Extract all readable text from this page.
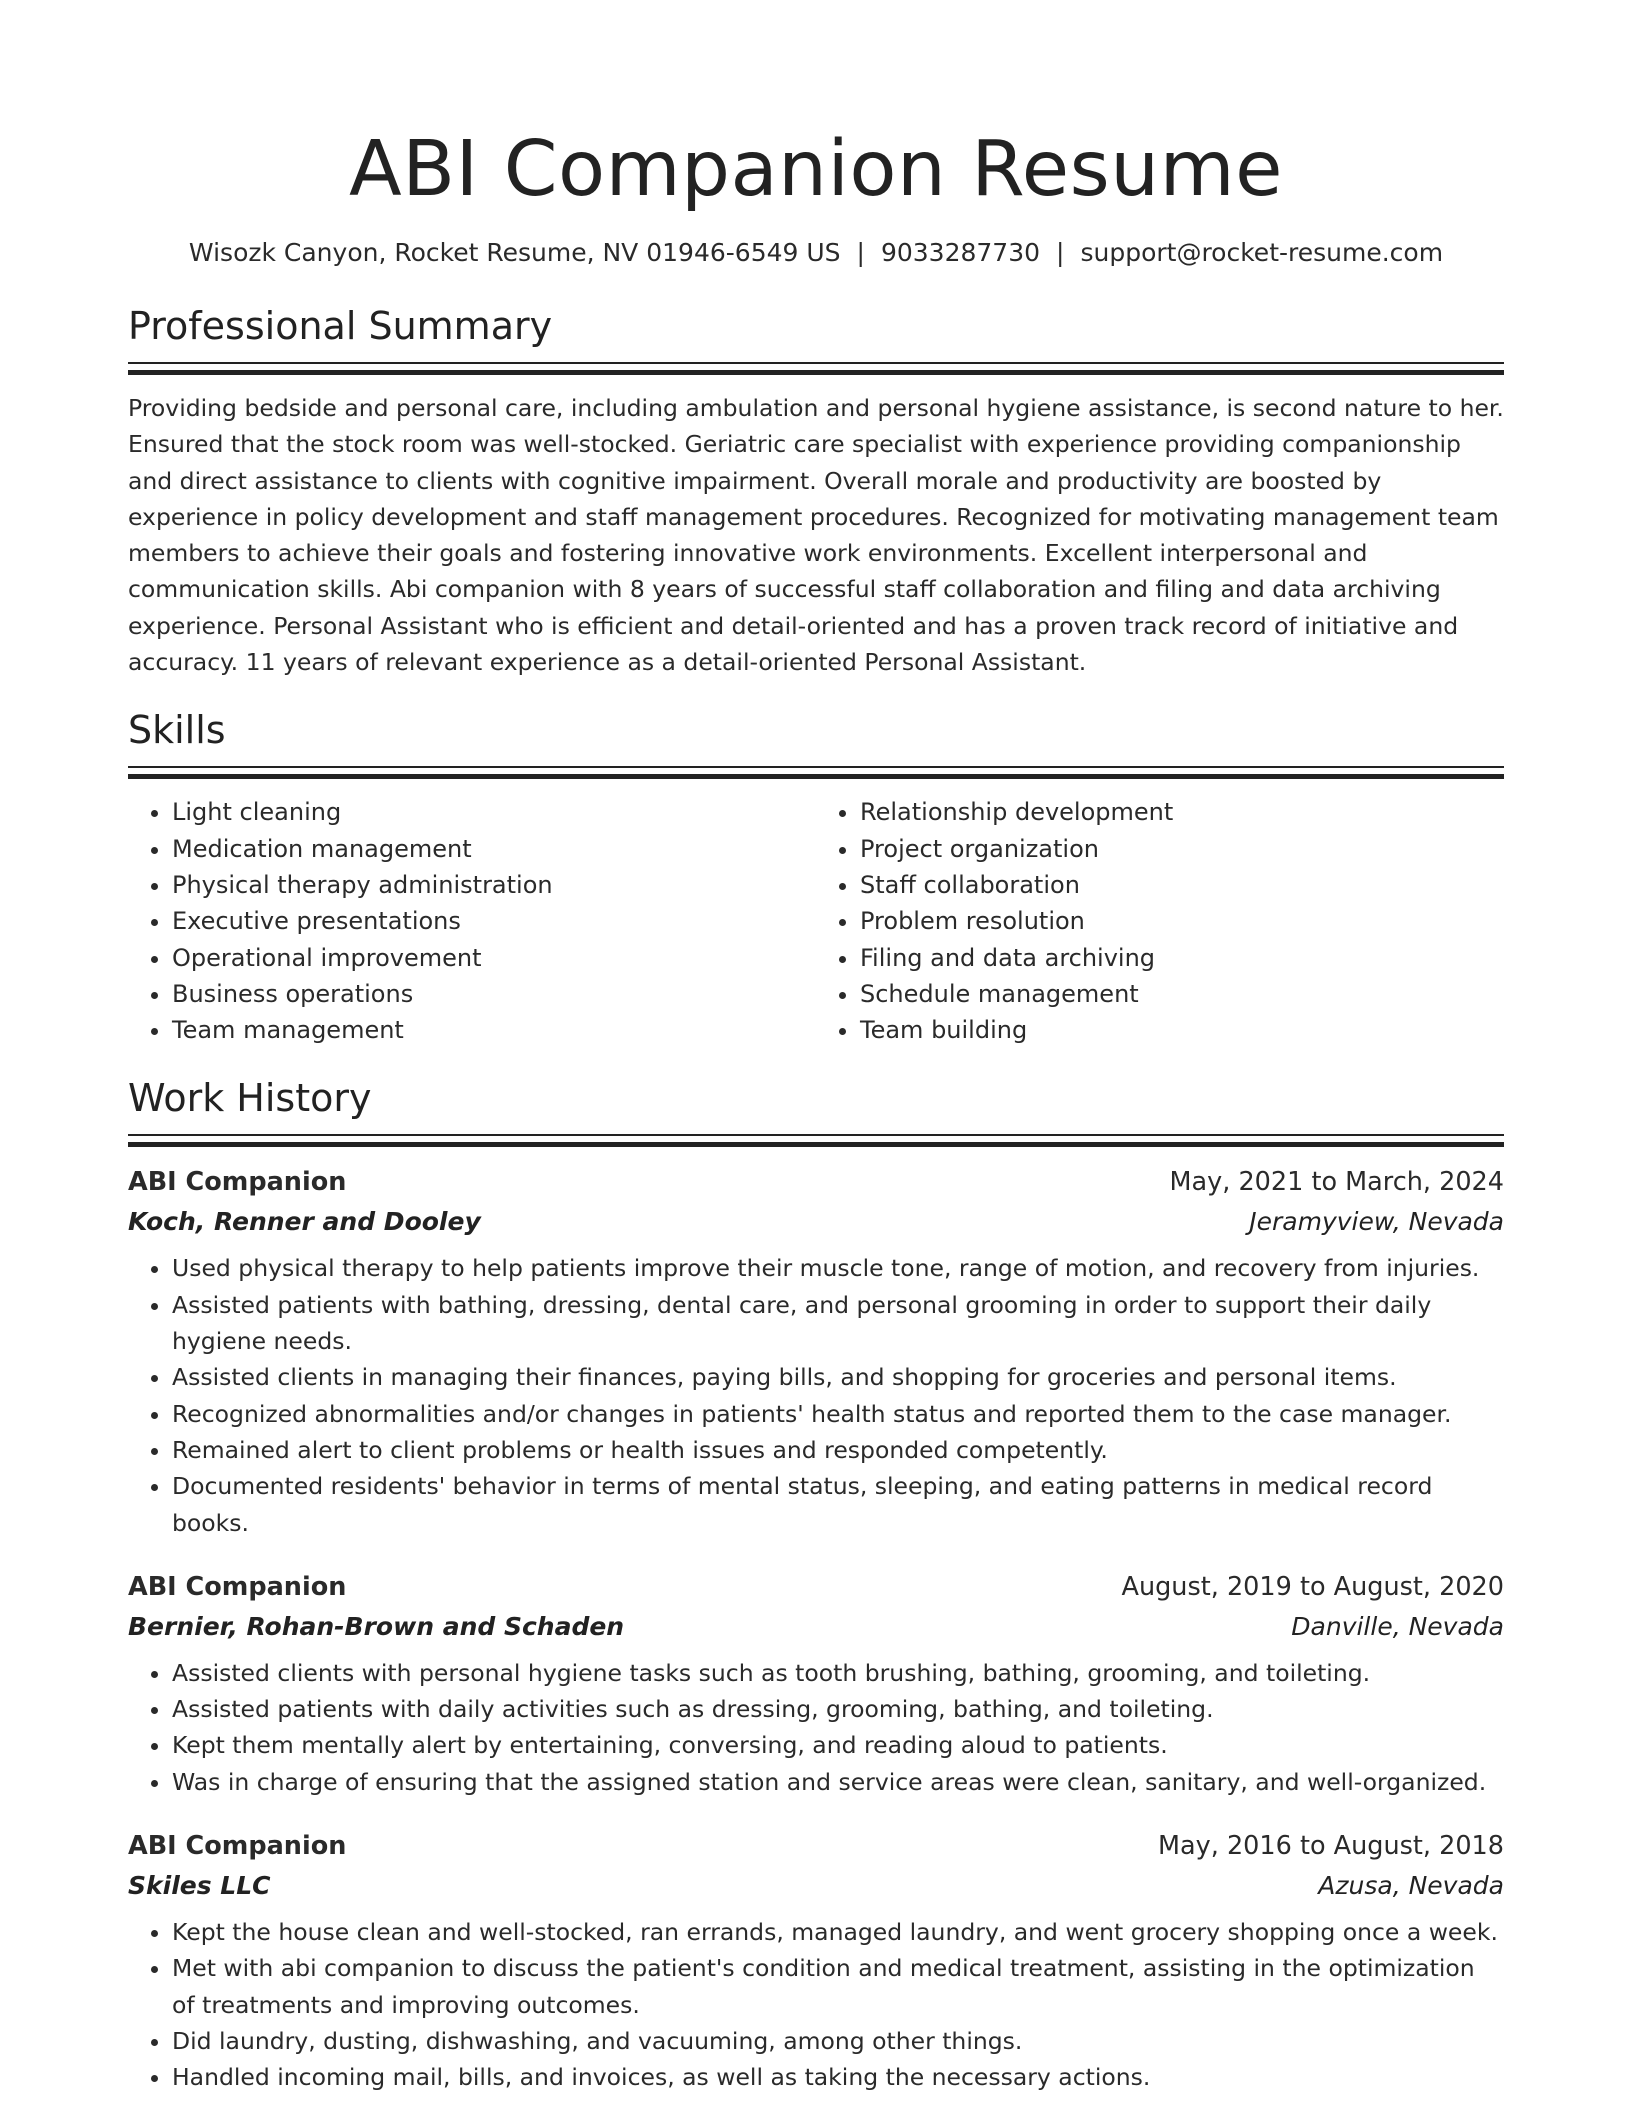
ABI Companion Resume
Wisozk Canyon, Rocket Resume, NV 01946-6549 US | 9033287730 | support@rocket-resume.com
Professional Summary

Providing bedside and personal care, including ambulation and personal hygiene assistance, is second nature to her. Ensured that the stock room was well-stocked. Geriatric care specialist with experience providing companionship and direct assistance to clients with cognitive impairment. Overall morale and productivity are boosted by experience in policy development and staff management procedures. Recognized for motivating management team members to achieve their goals and fostering innovative work environments. Excellent interpersonal and communication skills. Abi companion with 8 years of successful staff collaboration and filing and data archiving experience. Personal Assistant who is efficient and detail-oriented and has a proven track record of initiative and accuracy. 11 years of relevant experience as a detail-oriented Personal Assistant.

Skills
• Light cleaning
• Medication management
• Physical therapy administration
• Executive presentations
• Operational improvement
• Business operations
• Team management
• Relationship development
• Project organization
• Staff collaboration
• Problem resolution
• Filing and data archiving
• Schedule management
• Team building
Work History
ABI Companion	May, 2021 to March, 2024
Koch, Renner and Dooley	Jeramyview, Nevada
• Used physical therapy to help patients improve their muscle tone, range of motion, and recovery from injuries.
• Assisted patients with bathing, dressing, dental care, and personal grooming in order to support their daily hygiene needs.
• Assisted clients in managing their finances, paying bills, and shopping for groceries and personal items.
• Recognized abnormalities and/or changes in patients' health status and reported them to the case manager.
• Remained alert to client problems or health issues and responded competently.
• Documented residents' behavior in terms of mental status, sleeping, and eating patterns in medical record books.
ABI Companion	August, 2019 to August, 2020
Bernier, Rohan-Brown and Schaden	Danville, Nevada
• Assisted clients with personal hygiene tasks such as tooth brushing, bathing, grooming, and toileting.
• Assisted patients with daily activities such as dressing, grooming, bathing, and toileting.
• Kept them mentally alert by entertaining, conversing, and reading aloud to patients.
• Was in charge of ensuring that the assigned station and service areas were clean, sanitary, and well-organized.
ABI Companion	May, 2016 to August, 2018
Skiles LLC	Azusa, Nevada
• Kept the house clean and well-stocked, ran errands, managed laundry, and went grocery shopping once a week.
• Met with abi companion to discuss the patient's condition and medical treatment, assisting in the optimization of treatments and improving outcomes.
• Did laundry, dusting, dishwashing, and vacuuming, among other things.
• Handled incoming mail, bills, and invoices, as well as taking the necessary actions.
